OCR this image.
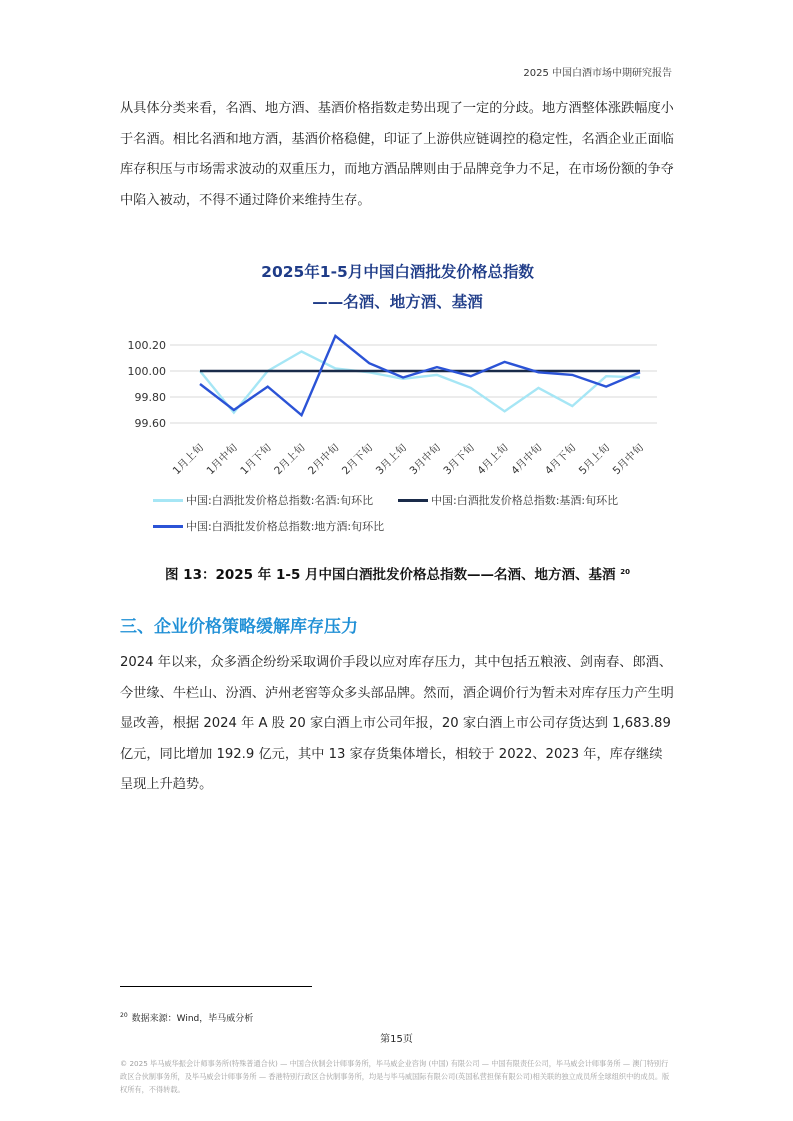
2025 中国白酒市场中期研究报告

从具体分类来看，名酒、地方酒、基酒价格指数走势出现了一定的分歧。地方酒整体涨跌幅度小于名酒。相比名酒和地方酒，基酒价格稳健，印证了上游供应链调控的稳定性，名酒企业正面临库存积压与市场需求波动的双重压力，而地方酒品牌则由于品牌竞争力不足，在市场份额的争夺中陷入被动，不得不通过降价来维持生存。

2025年1-5月中国白酒批发价格总指数
——名酒、地方酒、基酒
99.60
99.80
100.00
100.20
1月上旬
1月中旬
1月下旬
2月上旬
2月中旬
2月下旬
3月上旬
3月中旬
3月下旬
4月上旬
4月中旬
4月下旬
5月上旬
5月中旬
中国:白酒批发价格总指数:名酒:旬环比	中国:白酒批发价格总指数:基酒:旬环比
中国:白酒批发价格总指数:地方酒:旬环比
图 13：2025 年 1-5 月中国白酒批发价格总指数——名酒、地方酒、基酒 $^{20}$
三、企业价格策略缓解库存压力

2024 年以来，众多酒企纷纷采取调价手段以应对库存压力，其中包括五粮液、剑南春、郎酒、今世缘、牛栏山、汾酒、泸州老窖等众多头部品牌。然而，酒企调价行为暂未对库存压力产生明显改善，根据 2024 年 A 股 20 家白酒上市公司年报，20 家白酒上市公司存货达到 1,683.89 亿元，同比增加 192.9 亿元，其中 13 家存货集体增长，相较于 2022、2023 年，库存继续呈现上升趋势。

$^{20}$ 数据来源：Wind，毕马威分析
第15页
© 2025 毕马威华振会计师事务所(特殊普通合伙) — 中国合伙制会计师事务所，毕马威企业咨询 (中国) 有限公司 — 中国有限责任公司，毕马威会计师事务所 — 澳门特别行政区合伙制事务所，及毕马威会计师事务所 — 香港特别行政区合伙制事务所，均是与毕马威国际有限公司(英国私营担保有限公司)相关联的独立成员所全球组织中的成员。版权所有，不得转载。
